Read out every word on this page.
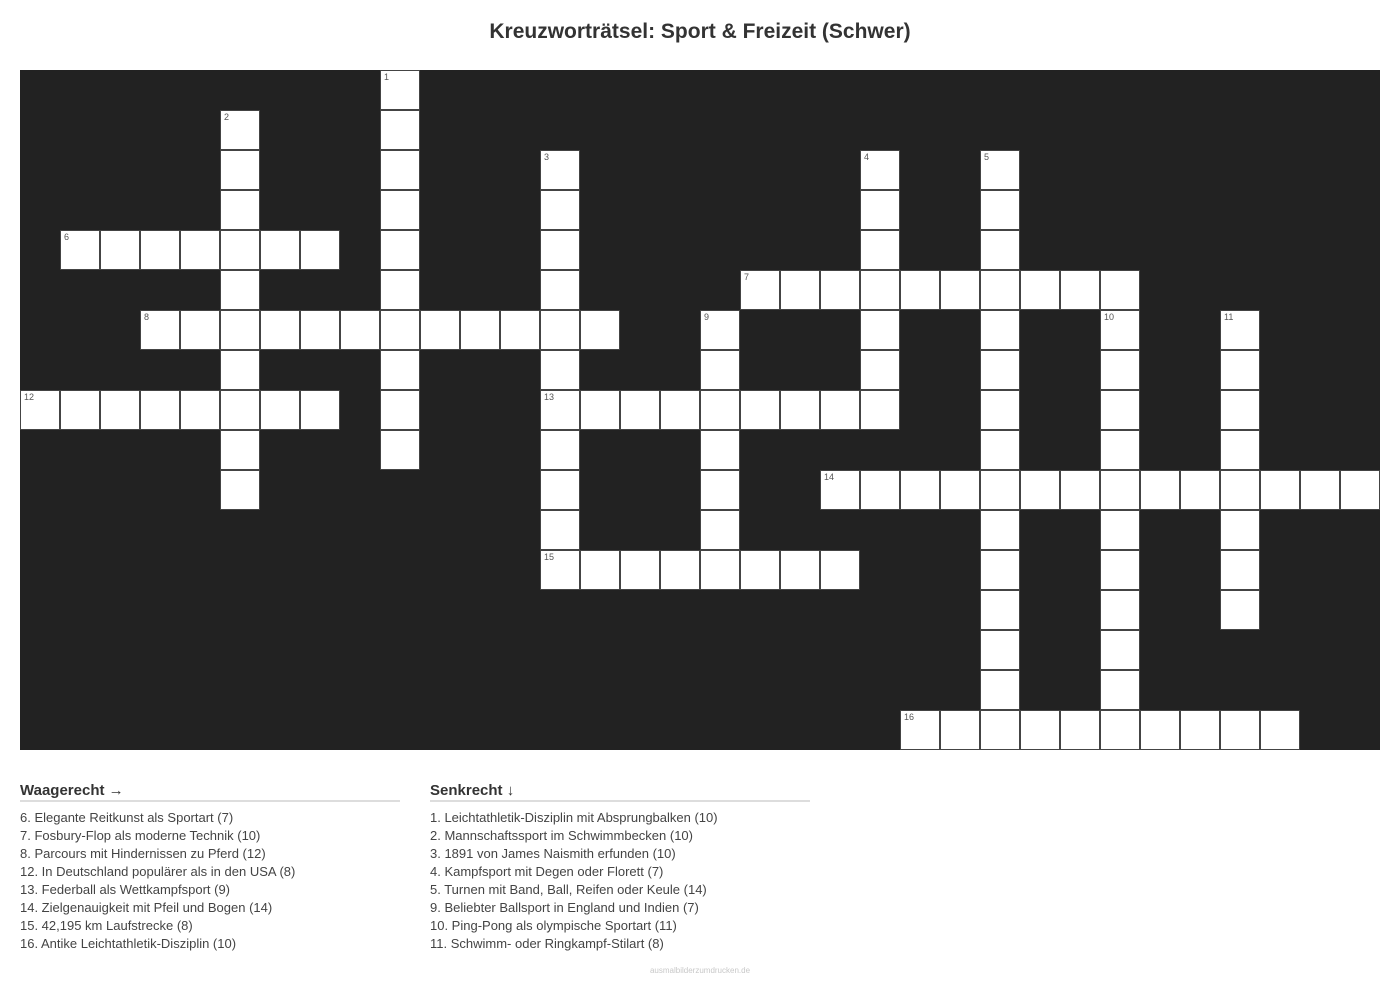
Kreuzworträtsel: Sport & Freizeit (Schwer)
6
7
8
12	13
14
15
16
1
2
3	4	5
9	10	11
Waagerecht →
6. Elegante Reitkunst als Sportart (7)
7. Fosbury-Flop als moderne Technik (10)
8. Parcours mit Hindernissen zu Pferd (12)
12. In Deutschland populärer als in den USA (8)
13. Federball als Wettkampfsport (9)
14. Zielgenauigkeit mit Pfeil und Bogen (14)
15. 42,195 km Laufstrecke (8)
16. Antike Leichtathletik-Disziplin (10)
Senkrecht ↓
1. Leichtathletik-Disziplin mit Absprungbalken (10)
2. Mannschaftssport im Schwimmbecken (10)
3. 1891 von James Naismith erfunden (10)
4. Kampfsport mit Degen oder Florett (7)
5. Turnen mit Band, Ball, Reifen oder Keule (14)
9. Beliebter Ballsport in England und Indien (7)
10. Ping-Pong als olympische Sportart (11)
11. Schwimm- oder Ringkampf-Stilart (8)
ausmalbilderzumdrucken.de
